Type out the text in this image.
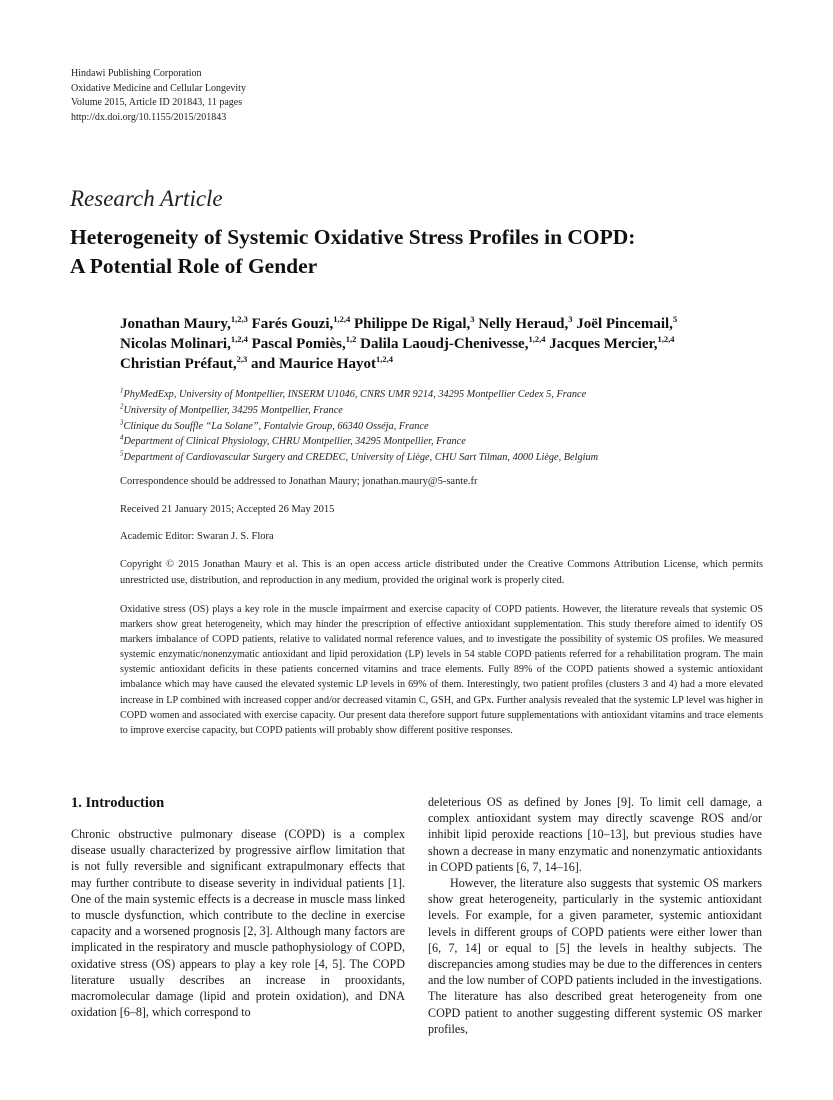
Hindawi Publishing Corporation
Oxidative Medicine and Cellular Longevity
Volume 2015, Article ID 201843, 11 pages
http://dx.doi.org/10.1155/2015/201843
Research Article
Heterogeneity of Systemic Oxidative Stress Profiles in COPD:
A Potential Role of Gender
Jonathan Maury,$^{1,2,3}$ Farés Gouzi,$^{1,2,4}$ Philippe De Rigal,$^3$ Nelly Heraud,$^3$ Joël Pincemail,$^5$ Nicolas Molinari,$^{1,2,4}$ Pascal Pomiès,$^{1,2}$ Dalila Laoudj-Chenivesse,$^{1,2,4}$ Jacques Mercier,$^{1,2,4}$ Christian Préfaut,$^{2,3}$ and Maurice Hayot$^{1,2,4}$
$^1$PhyMedExp, University of Montpellier, INSERM U1046, CNRS UMR 9214, 34295 Montpellier Cedex 5, France
$^2$University of Montpellier, 34295 Montpellier, France
$^3$Clinique du Souffle “La Solane”, Fontalvie Group, 66340 Osséja, France
$^4$Department of Clinical Physiology, CHRU Montpellier, 34295 Montpellier, France
$^5$Department of Cardiovascular Surgery and CREDEC, University of Liège, CHU Sart Tilman, 4000 Liège, Belgium
Correspondence should be addressed to Jonathan Maury; jonathan.maury@5-sante.fr
Received 21 January 2015; Accepted 26 May 2015
Academic Editor: Swaran J. S. Flora
Copyright © 2015 Jonathan Maury et al. This is an open access article distributed under the Creative Commons Attribution License, which permits unrestricted use, distribution, and reproduction in any medium, provided the original work is properly cited.
Oxidative stress (OS) plays a key role in the muscle impairment and exercise capacity of COPD patients. However, the literature reveals that systemic OS markers show great heterogeneity, which may hinder the prescription of effective antioxidant supplementation. This study therefore aimed to identify OS markers imbalance of COPD patients, relative to validated normal reference values, and to investigate the possibility of systemic OS profiles. We measured systemic enzymatic/nonenzymatic antioxidant and lipid peroxidation (LP) levels in 54 stable COPD patients referred for a rehabilitation program. The main systemic antioxidant deficits in these patients concerned vitamins and trace elements. Fully 89% of the COPD patients showed a systemic antioxidant imbalance which may have caused the elevated systemic LP levels in 69% of them. Interestingly, two patient profiles (clusters 3 and 4) had a more elevated increase in LP combined with increased copper and/or decreased vitamin C, GSH, and GPx. Further analysis revealed that the systemic LP level was higher in COPD women and associated with exercise capacity. Our present data therefore support future supplementations with antioxidant vitamins and trace elements to improve exercise capacity, but COPD patients will probably show different positive responses.
1. Introduction

Chronic obstructive pulmonary disease (COPD) is a complex disease usually characterized by progressive airflow limitation that is not fully reversible and significant extrapulmonary effects that may further contribute to disease severity in individual patients [1]. One of the main systemic effects is a decrease in muscle mass linked to muscle dysfunction, which contribute to the decline in exercise capacity and a worsened prognosis [2, 3]. Although many factors are implicated in the respiratory and muscle pathophysiology of COPD, oxidative stress (OS) appears to play a key role [4, 5]. The COPD literature usually describes an increase in prooxidants, macromolecular damage (lipid and protein oxidation), and DNA oxidation [6–8], which correspond to

deleterious OS as defined by Jones [9]. To limit cell damage, a complex antioxidant system may directly scavenge ROS and/or inhibit lipid peroxide reactions [10–13], but previous studies have shown a decrease in many enzymatic and nonenzymatic antioxidants in COPD patients [6, 7, 14–16].

However, the literature also suggests that systemic OS markers show great heterogeneity, particularly in the systemic antioxidant levels. For example, for a given parameter, systemic antioxidant levels in different groups of COPD patients were either lower than [6, 7, 14] or equal to [5] the levels in healthy subjects. The discrepancies among studies may be due to the differences in centers and the low number of COPD patients included in the investigations. The literature has also described great heterogeneity from one COPD patient to another suggesting different systemic OS marker profiles,
